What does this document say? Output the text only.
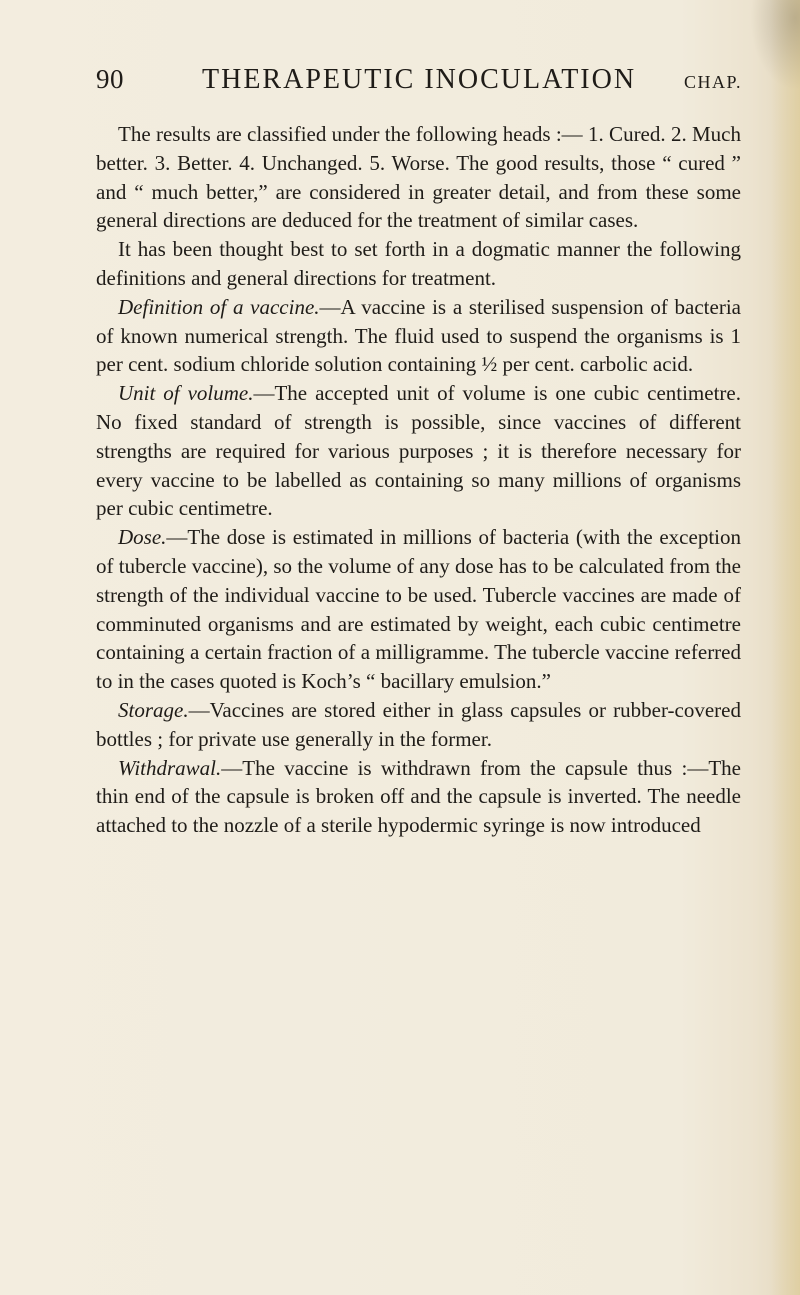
90	THERAPEUTIC INOCULATION	CHAP.

The results are classified under the following heads :— 1. Cured. 2. Much better. 3. Better. 4. Unchanged. 5. Worse. The good results, those “ cured ” and “ much better,” are considered in greater detail, and from these some general directions are deduced for the treatment of similar cases.

It has been thought best to set forth in a dogmatic manner the following definitions and general directions for treatment.

Definition of a vaccine.—A vaccine is a sterilised suspension of bacteria of known numerical strength. The fluid used to suspend the organisms is 1 per cent. sodium chloride solution containing ½ per cent. carbolic acid.

Unit of volume.—The accepted unit of volume is one cubic centimetre. No fixed standard of strength is possible, since vaccines of different strengths are required for various purposes ; it is therefore necessary for every vaccine to be labelled as containing so many millions of organisms per cubic centimetre.

Dose.—The dose is estimated in millions of bacteria (with the exception of tubercle vaccine), so the volume of any dose has to be calculated from the strength of the individual vaccine to be used. Tubercle vaccines are made of comminuted organisms and are estimated by weight, each cubic centimetre containing a certain fraction of a milligramme. The tubercle vaccine referred to in the cases quoted is Koch’s “ bacillary emulsion.”

Storage.—Vaccines are stored either in glass capsules or rubber-covered bottles ; for private use generally in the former.

Withdrawal.—The vaccine is withdrawn from the capsule thus :—The thin end of the capsule is broken off and the capsule is inverted. The needle attached to the nozzle of a sterile hypodermic syringe is now introduced
